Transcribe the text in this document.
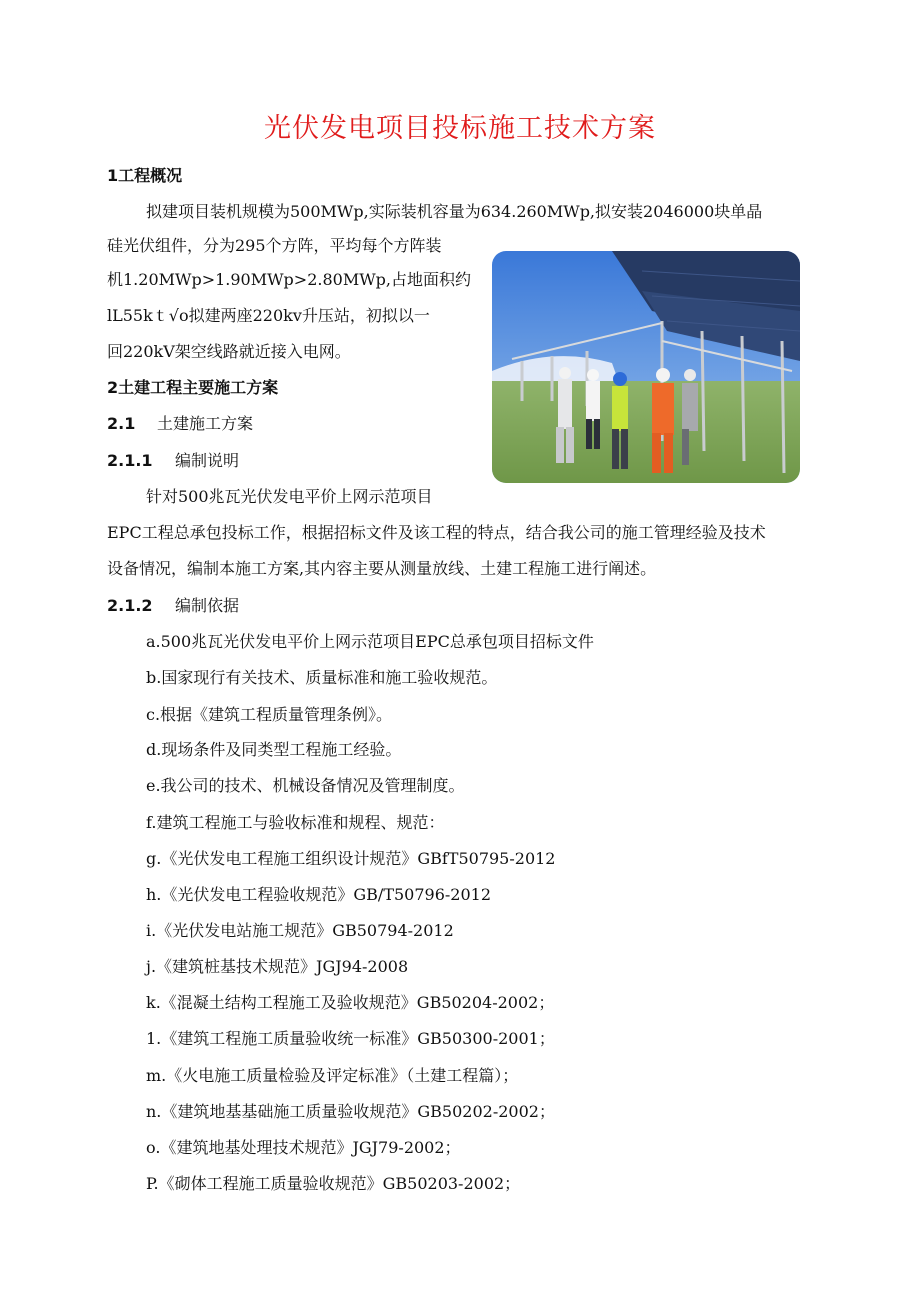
光伏发电项目投标施工技术方案
1工程概况
拟建项目装机规模为500MWp,实际装机容量为634.260MWp,拟安装2046000块单晶
硅光伏组件，分为295个方阵，平均每个方阵装
机1.20MWp>1.90MWp>2.80MWp,占地面积约
lL55kｔ√o拟建两座220kv升压站，初拟以一
回220kV架空线路就近接入电网。
2土建工程主要施工方案
2.1 土建施工方案
2.1.1 编制说明
针对500兆瓦光伏发电平价上网示范项目
EPC工程总承包投标工作，根据招标文件及该工程的特点，结合我公司的施工管理经验及技术
设备情况，编制本施工方案,其内容主要从测量放线、土建工程施工进行阐述。
2.1.2 编制依据
a.500兆瓦光伏发电平价上网示范项目EPC总承包项目招标文件
b.国家现行有关技术、质量标准和施工验收规范。
c.根据《建筑工程质量管理条例》。
d.现场条件及同类型工程施工经验。
e.我公司的技术、机械设备情况及管理制度。
f.建筑工程施工与验收标准和规程、规范：
g.《光伏发电工程施工组织设计规范》GBfT50795-2012
h.《光伏发电工程验收规范》GB/T50796-2012
i.《光伏发电站施工规范》GB50794-2012
j.《建筑桩基技术规范》JGJ94-2008
k.《混凝土结构工程施工及验收规范》GB50204-2002；
1.《建筑工程施工质量验收统一标准》GB50300-2001；
m.《火电施工质量检验及评定标准》（土建工程篇）；
n.《建筑地基基础施工质量验收规范》GB50202-2002；
o.《建筑地基处理技术规范》JGJ79-2002；
P.《砌体工程施工质量验收规范》GB50203-2002；
